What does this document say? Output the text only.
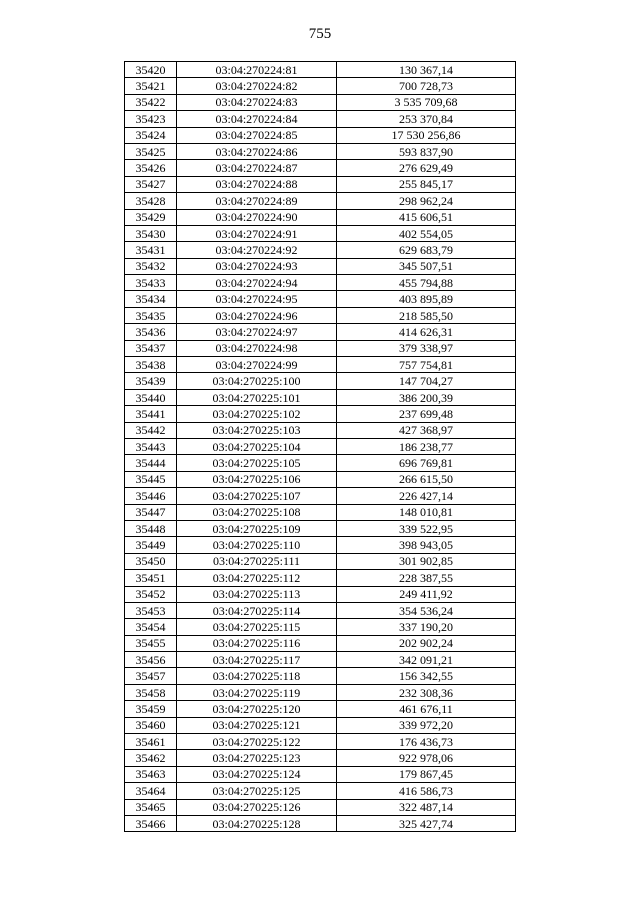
755
35420	03:04:270224:81	130 367,14
35421	03:04:270224:82	700 728,73
35422	03:04:270224:83	3 535 709,68
35423	03:04:270224:84	253 370,84
35424	03:04:270224:85	17 530 256,86
35425	03:04:270224:86	593 837,90
35426	03:04:270224:87	276 629,49
35427	03:04:270224:88	255 845,17
35428	03:04:270224:89	298 962,24
35429	03:04:270224:90	415 606,51
35430	03:04:270224:91	402 554,05
35431	03:04:270224:92	629 683,79
35432	03:04:270224:93	345 507,51
35433	03:04:270224:94	455 794,88
35434	03:04:270224:95	403 895,89
35435	03:04:270224:96	218 585,50
35436	03:04:270224:97	414 626,31
35437	03:04:270224:98	379 338,97
35438	03:04:270224:99	757 754,81
35439	03:04:270225:100	147 704,27
35440	03:04:270225:101	386 200,39
35441	03:04:270225:102	237 699,48
35442	03:04:270225:103	427 368,97
35443	03:04:270225:104	186 238,77
35444	03:04:270225:105	696 769,81
35445	03:04:270225:106	266 615,50
35446	03:04:270225:107	226 427,14
35447	03:04:270225:108	148 010,81
35448	03:04:270225:109	339 522,95
35449	03:04:270225:110	398 943,05
35450	03:04:270225:111	301 902,85
35451	03:04:270225:112	228 387,55
35452	03:04:270225:113	249 411,92
35453	03:04:270225:114	354 536,24
35454	03:04:270225:115	337 190,20
35455	03:04:270225:116	202 902,24
35456	03:04:270225:117	342 091,21
35457	03:04:270225:118	156 342,55
35458	03:04:270225:119	232 308,36
35459	03:04:270225:120	461 676,11
35460	03:04:270225:121	339 972,20
35461	03:04:270225:122	176 436,73
35462	03:04:270225:123	922 978,06
35463	03:04:270225:124	179 867,45
35464	03:04:270225:125	416 586,73
35465	03:04:270225:126	322 487,14
35466	03:04:270225:128	325 427,74
